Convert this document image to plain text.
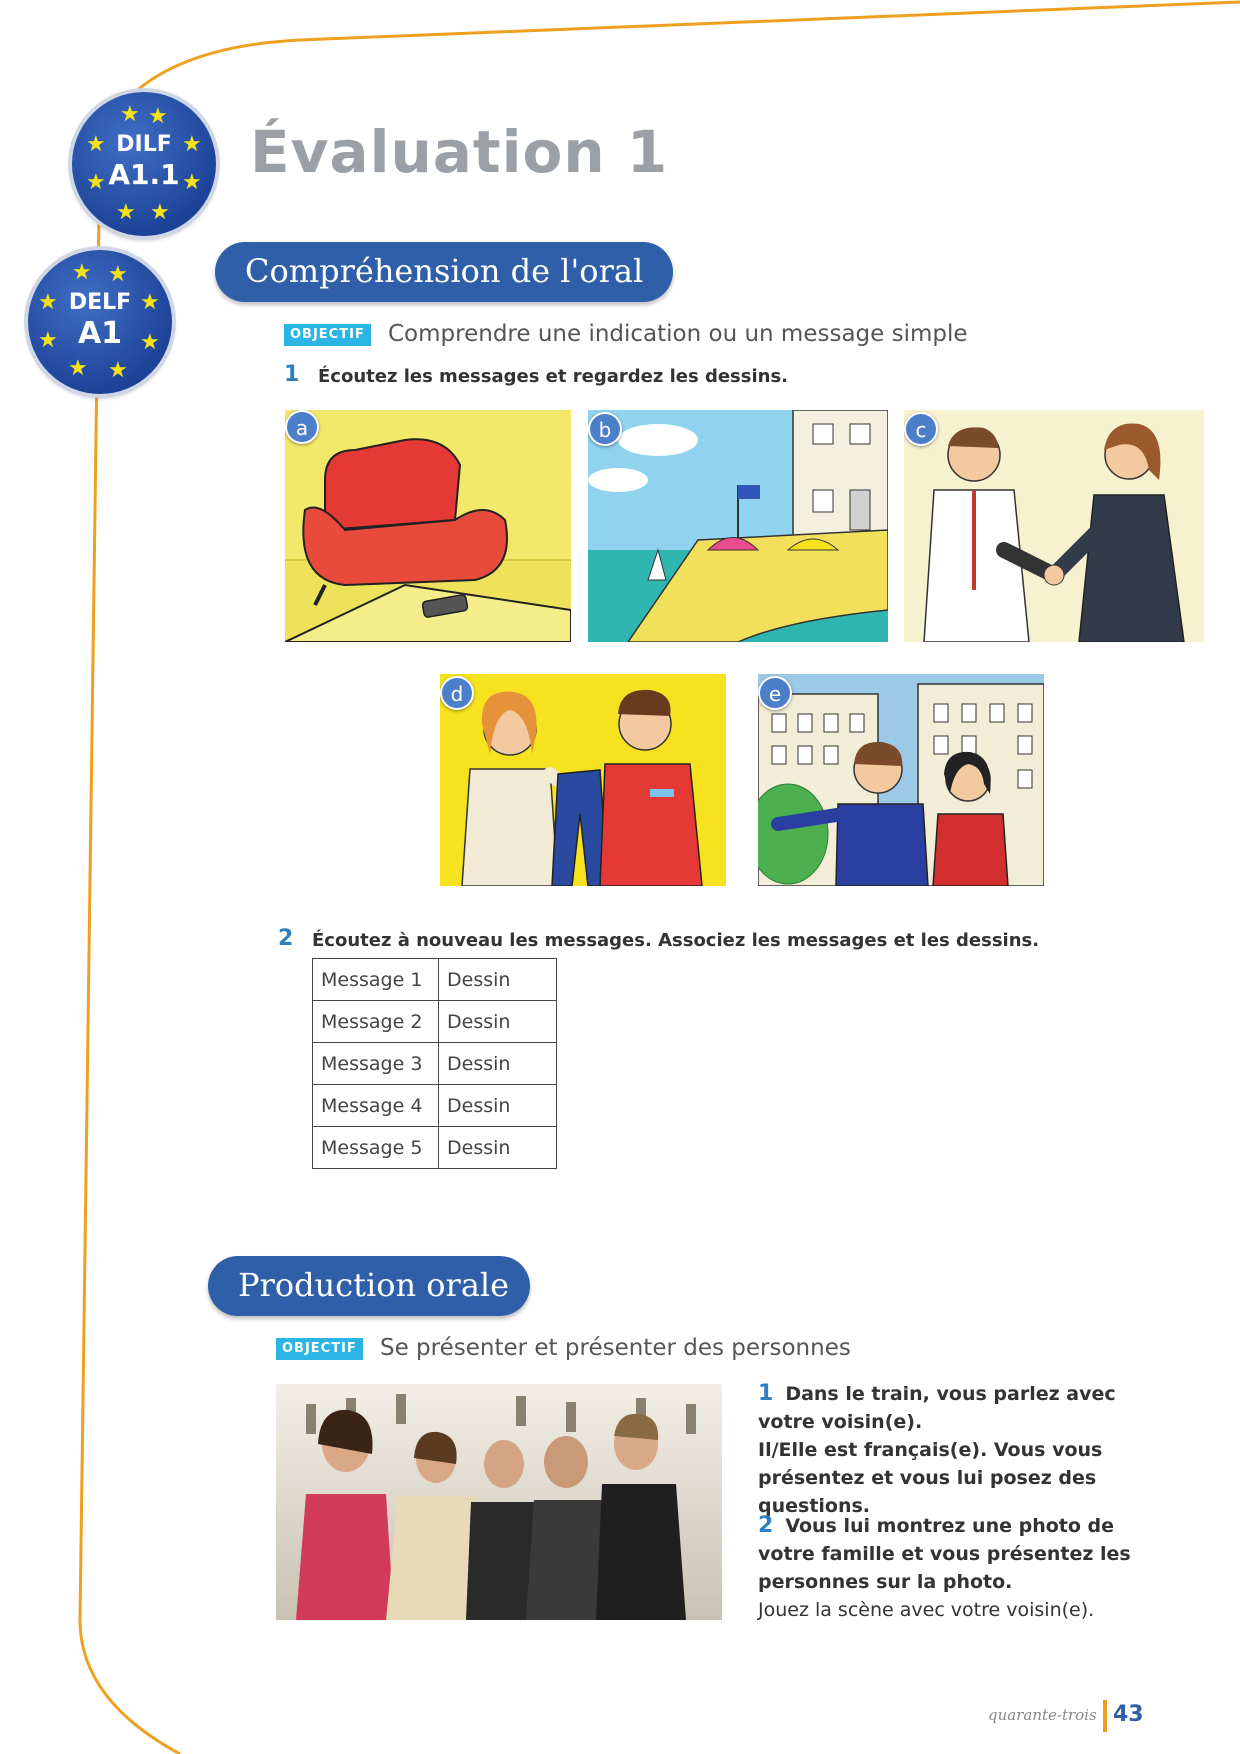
★ ★
★	★
★	★
★ ★
DILF
A1.1
★ ★
★	★
★	★
★ ★
DELF
A1
Évaluation 1
Compréhension de l'oral
OBJECTIF Comprendre une indication ou un message simple
1 Écoutez les messages et regardez les dessins.
a	b	c
d	e
2 Écoutez à nouveau les messages. Associez les messages et les dessins.
Message 1	Dessin
Message 2	Dessin
Message 3	Dessin
Message 4	Dessin
Message 5	Dessin
Production orale
OBJECTIF Se présenter et présenter des personnes
1 Dans le train, vous parlez avec votre voisin(e).
Il/Elle est français(e). Vous vous présentez et vous lui posez des questions.
2 Vous lui montrez une photo de votre famille et vous présentez les personnes sur la photo.
Jouez la scène avec votre voisin(e).
quarante-trois 43
